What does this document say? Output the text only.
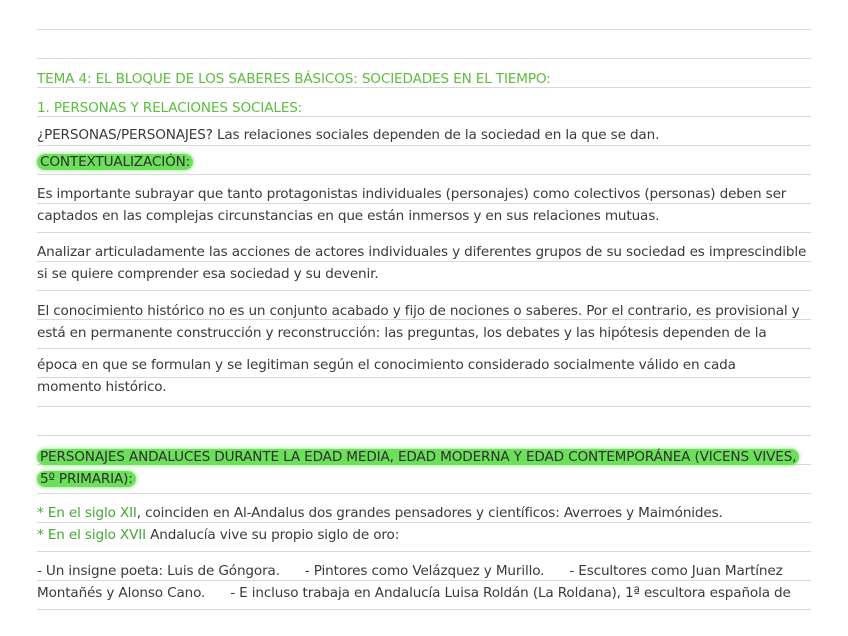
TEMA 4: EL BLOQUE DE LOS SABERES BÁSICOS: SOCIEDADES EN EL TIEMPO:
1. PERSONAS Y RELACIONES SOCIALES:
¿PERSONAS/PERSONAJES? Las relaciones sociales dependen de la sociedad en la que se dan.
CONTEXTUALIZACIÓN:
Es importante subrayar que tanto protagonistas individuales (personajes) como colectivos (personas) deben ser
captados en las complejas circunstancias en que están inmersos y en sus relaciones mutuas.
Analizar articuladamente las acciones de actores individuales y diferentes grupos de su sociedad es imprescindible
si se quiere comprender esa sociedad y su devenir.
El conocimiento histórico no es un conjunto acabado y fijo de nociones o saberes. Por el contrario, es provisional y
está en permanente construcción y reconstrucción: las preguntas, los debates y las hipótesis dependen de la
época en que se formulan y se legitiman según el conocimiento considerado socialmente válido en cada
momento histórico.
PERSONAJES ANDALUCES DURANTE LA EDAD MEDIA, EDAD MODERNA Y EDAD CONTEMPORÁNEA (VICENS VIVES,
5º PRIMARIA):
* En el siglo XII, coinciden en Al-Andalus dos grandes pensadores y científicos: Averroes y Maimónides.
* En el siglo XVII Andalucía vive su propio siglo de oro:
- Un insigne poeta: Luis de Góngora.      - Pintores como Velázquez y Murillo.      - Escultores como Juan Martínez
Montañés y Alonso Cano.      - E incluso trabaja en Andalucía Luisa Roldán (La Roldana), 1ª escultora española de
